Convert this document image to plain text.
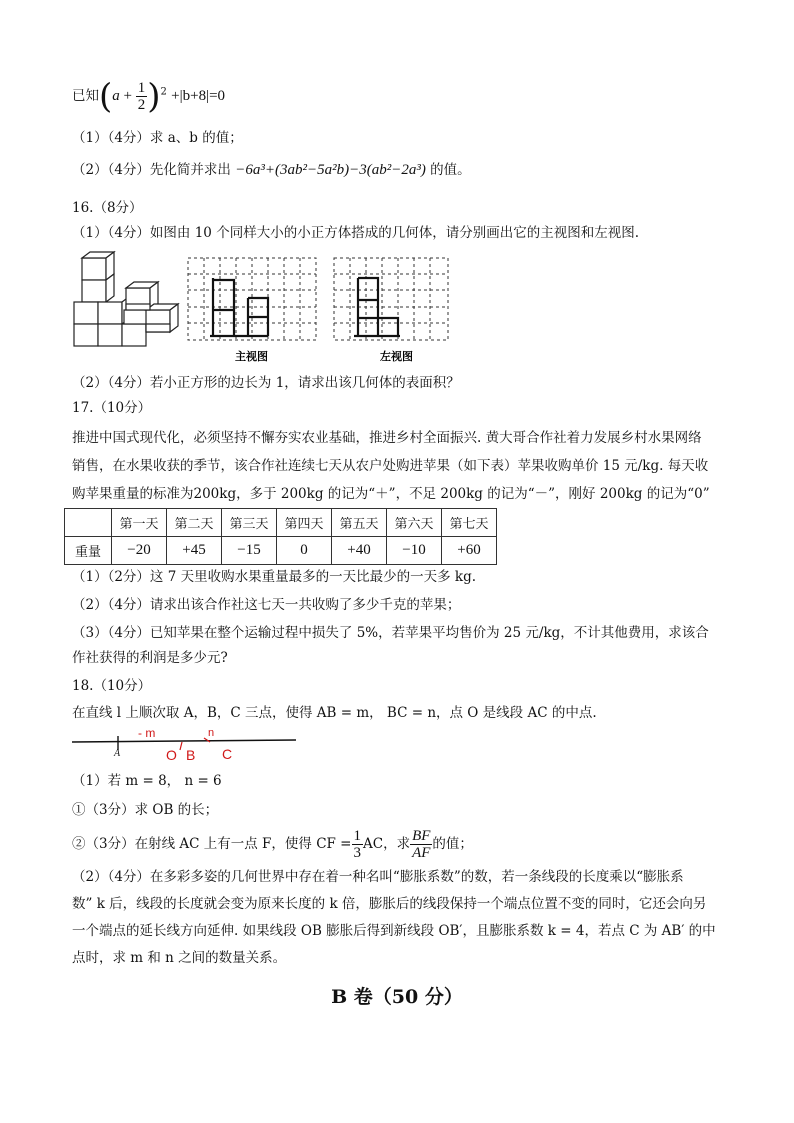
已知$(a + \frac{1}{2} )^2 +|b+8|=0$
（1）（4分）求 a、b 的值；
（2）（4分）先化简并求出 −6a³+(3ab²−5a²b)−3(ab²−2a³) 的值。
16.（8分）
（1）（4分）如图由 10 个同样大小的小正方体搭成的几何体，请分别画出它的主视图和左视图.
主视图	左视图
（2）（4分）若小正方形的边长为 1，请求出该几何体的表面积？
17.（10分）
推进中国式现代化，必须坚持不懈夯实农业基础，推进乡村全面振兴. 黄大哥合作社着力发展乡村水果网络
销售，在水果收获的季节，该合作社连续七天从农户处购进苹果（如下表）苹果收购单价 15 元/kg. 每天收
购苹果重量的标准为200kg，多于 200kg 的记为“＋”，不足 200kg 的记为“－”，刚好 200kg 的记为“0”
	第一天	第二天	第三天	第四天	第五天	第六天	第七天
重量	−20	+45	−15	0	+40	−10	+60
（1）（2分）这 7 天里收购水果重量最多的一天比最少的一天多 kg.
（2）（4分）请求出该合作社这七天一共收购了多少千克的苹果；
（3）（4分）已知苹果在整个运输过程中损失了 5%，若苹果平均售价为 25 元/kg，不计其他费用，求该合
作社获得的利润是多少元?
18.（10分）
在直线 l 上顺次取 A，B，C 三点，使得 AB = m， BC = n，点 O 是线段 AC 的中点.
A
- m
O B
n
C
（1）若 m = 8， n = 6
①（3分）求 OB 的长；
②（3分）在射线 AC 上有一点 F，使得 CF = $\frac{1}{3}$ AC，求 $\frac{BF}{AF}$ 的值；
（2）（4分）在多彩多姿的几何世界中存在着一种名叫“膨胀系数”的数，若一条线段的长度乘以“膨胀系
数” k 后，线段的长度就会变为原来长度的 k 倍，膨胀后的线段保持一个端点位置不变的同时，它还会向另
一个端点的延长线方向延伸. 如果线段 OB 膨胀后得到新线段 OB′，且膨胀系数 k = 4，若点 C 为 AB′ 的中
点时，求 m 和 n 之间的数量关系。
B 卷（50 分）
